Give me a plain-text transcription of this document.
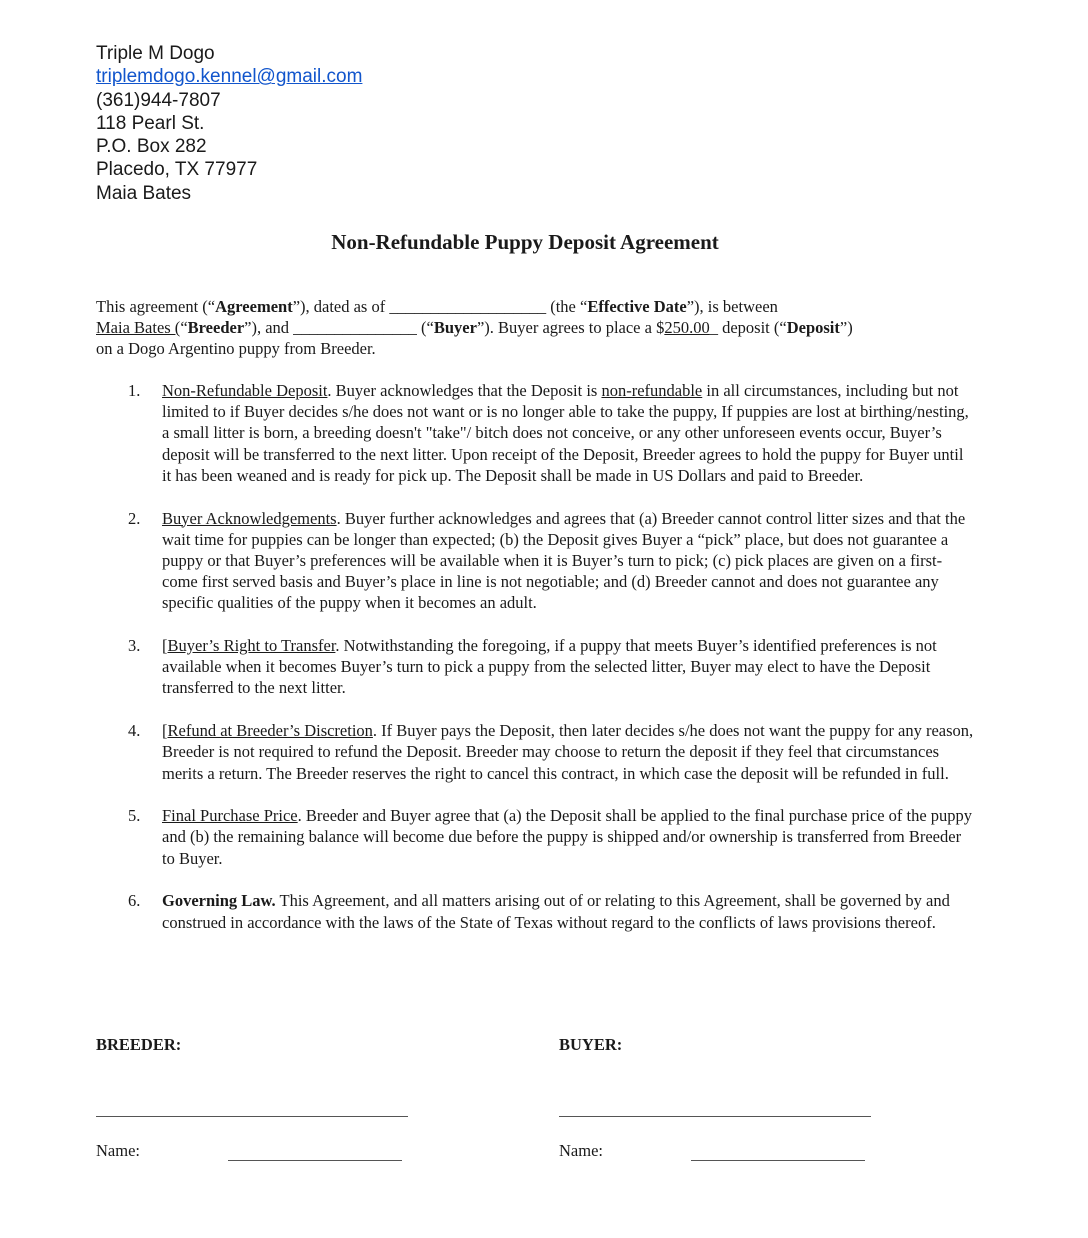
Triple M Dogo
triplemdogo.kennel@gmail.com
(361)944-7807
118 Pearl St.
P.O. Box 282
Placedo, TX 77977
Maia Bates
Non-Refundable Puppy Deposit Agreement
This agreement (“Agreement”), dated as of ___________________ (the “Effective Date”), is between
Maia Bates (“Breeder”), and _______________ (“Buyer”). Buyer agrees to place a $250.00_ deposit (“Deposit”)
on a Dogo Argentino puppy from Breeder.
1. Non-Refundable Deposit. Buyer acknowledges that the Deposit is non-refundable in all circumstances, including but not limited to if Buyer decides s/he does not want or is no longer able to take the puppy, If puppies are lost at birthing/nesting, a small litter is born, a breeding doesn't "take"/ bitch does not conceive, or any other unforeseen events occur, Buyer’s deposit will be transferred to the next litter. Upon receipt of the Deposit, Breeder agrees to hold the puppy for Buyer until it has been weaned and is ready for pick up. The Deposit shall be made in US Dollars and paid to Breeder.
2. Buyer Acknowledgements. Buyer further acknowledges and agrees that (a) Breeder cannot control litter sizes and that the wait time for puppies can be longer than expected; (b) the Deposit gives Buyer a “pick” place, but does not guarantee a puppy or that Buyer’s preferences will be available when it is Buyer’s turn to pick; (c) pick places are given on a first-come first served basis and Buyer’s place in line is not negotiable; and (d) Breeder cannot and does not guarantee any specific qualities of the puppy when it becomes an adult.
3. [Buyer’s Right to Transfer. Notwithstanding the foregoing, if a puppy that meets Buyer’s identified preferences is not available when it becomes Buyer’s turn to pick a puppy from the selected litter, Buyer may elect to have the Deposit transferred to the next litter.
4. [Refund at Breeder’s Discretion. If Buyer pays the Deposit, then later decides s/he does not want the puppy for any reason, Breeder is not required to refund the Deposit. Breeder may choose to return the deposit if they feel that circumstances merits a return. The Breeder reserves the right to cancel this contract, in which case the deposit will be refunded in full.
5. Final Purchase Price. Breeder and Buyer agree that (a) the Deposit shall be applied to the final purchase price of the puppy and (b) the remaining balance will become due before the puppy is shipped and/or ownership is transferred from Breeder to Buyer.
6. Governing Law. This Agreement, and all matters arising out of or relating to this Agreement, shall be governed by and construed in accordance with the laws of the State of Texas without regard to the conflicts of laws provisions thereof.
BREEDER:	BUYER:
Name:	Name:
